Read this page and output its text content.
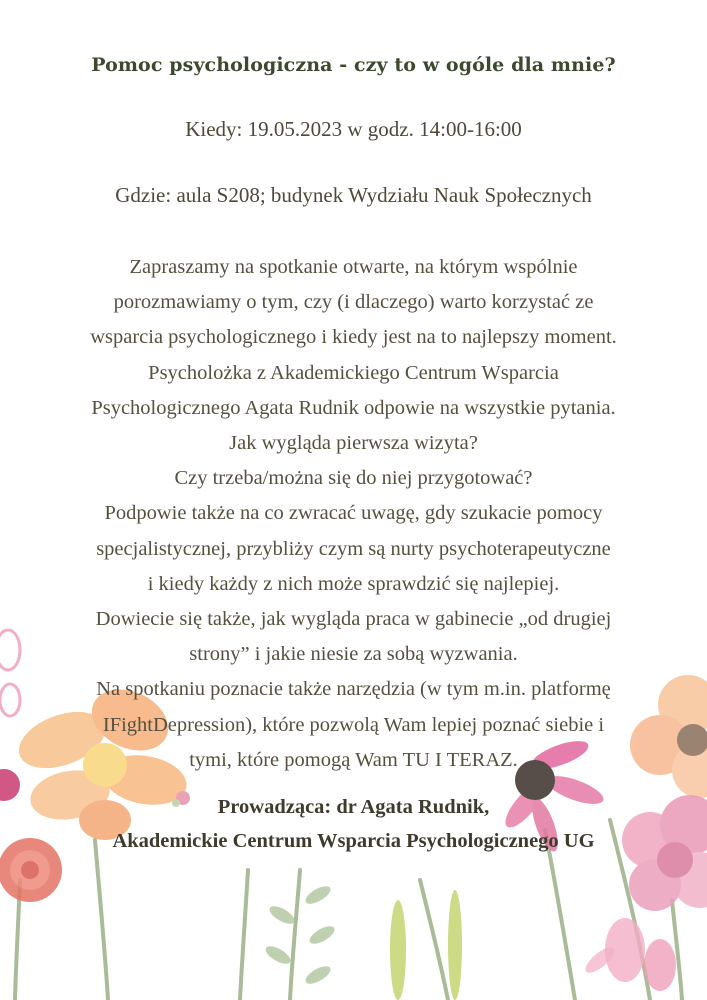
Pomoc psychologiczna - czy to w ogóle dla mnie?
Kiedy: 19.05.2023 w godz. 14:00-16:00
Gdzie: aula S208; budynek Wydziału Nauk Społecznych
Zapraszamy na spotkanie otwarte, na którym wspólnie
porozmawiamy o tym, czy (i dlaczego) warto korzystać ze
wsparcia psychologicznego i kiedy jest na to najlepszy moment.
Psycholożka z Akademickiego Centrum Wsparcia
Psychologicznego Agata Rudnik odpowie na wszystkie pytania.
Jak wygląda pierwsza wizyta?
Czy trzeba/można się do niej przygotować?
Podpowie także na co zwracać uwagę, gdy szukacie pomocy
specjalistycznej, przybliży czym są nurty psychoterapeutyczne
i kiedy każdy z nich może sprawdzić się najlepiej.
Dowiecie się także, jak wygląda praca w gabinecie „od drugiej
strony” i jakie niesie za sobą wyzwania.
Na spotkaniu poznacie także narzędzia (w tym m.in. platformę
IFightDepression), które pozwolą Wam lepiej poznać siebie i
tymi, które pomogą Wam TU I TERAZ.
Prowadząca: dr Agata Rudnik,
Akademickie Centrum Wsparcia Psychologicznego UG
